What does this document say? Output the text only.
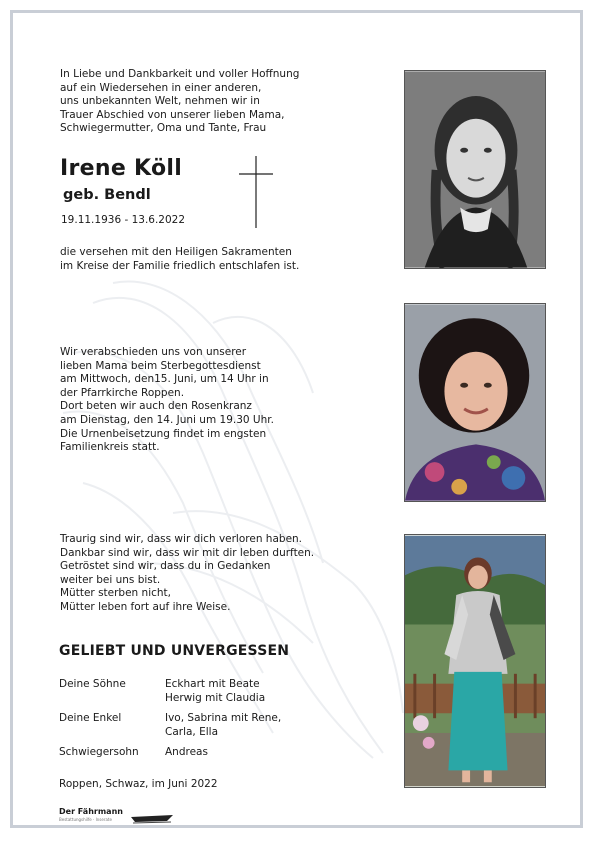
In Liebe und Dankbarkeit und voller Hoffnung
auf ein Wiedersehen in einer anderen,
uns unbekannten Welt, nehmen wir in
Trauer Abschied von unserer lieben Mama,
Schwiegermutter, Oma und Tante, Frau
Irene Köll
geb. Bendl
19.11.1936 - 13.6.2022
die versehen mit den Heiligen Sakramenten
im Kreise der Familie friedlich entschlafen ist.
Wir verabschieden uns von unserer
lieben Mama beim Sterbegottesdienst
am Mittwoch, den15. Juni, um 14 Uhr in
der Pfarrkirche Roppen.
Dort beten wir auch den Rosenkranz
am Dienstag, den 14. Juni um 19.30 Uhr.
Die Urnenbeisetzung findet im engsten
Familienkreis statt.
Traurig sind wir, dass wir dich verloren haben.
Dankbar sind wir, dass wir mit dir leben durften.
Getröstet sind wir, dass du in Gedanken
weiter bei uns bist.
Mütter sterben nicht,
Mütter leben fort auf ihre Weise.
GELIEBT UND UNVERGESSEN
Deine Söhne	Eckhart mit Beate
Herwig mit Claudia
Deine Enkel	Ivo, Sabrina mit Rene,
Carla, Ella
Schwiegersohn	Andreas
Roppen, Schwaz, im Juni 2022
Der Fährmann
Bestattungshilfe · Inserate
